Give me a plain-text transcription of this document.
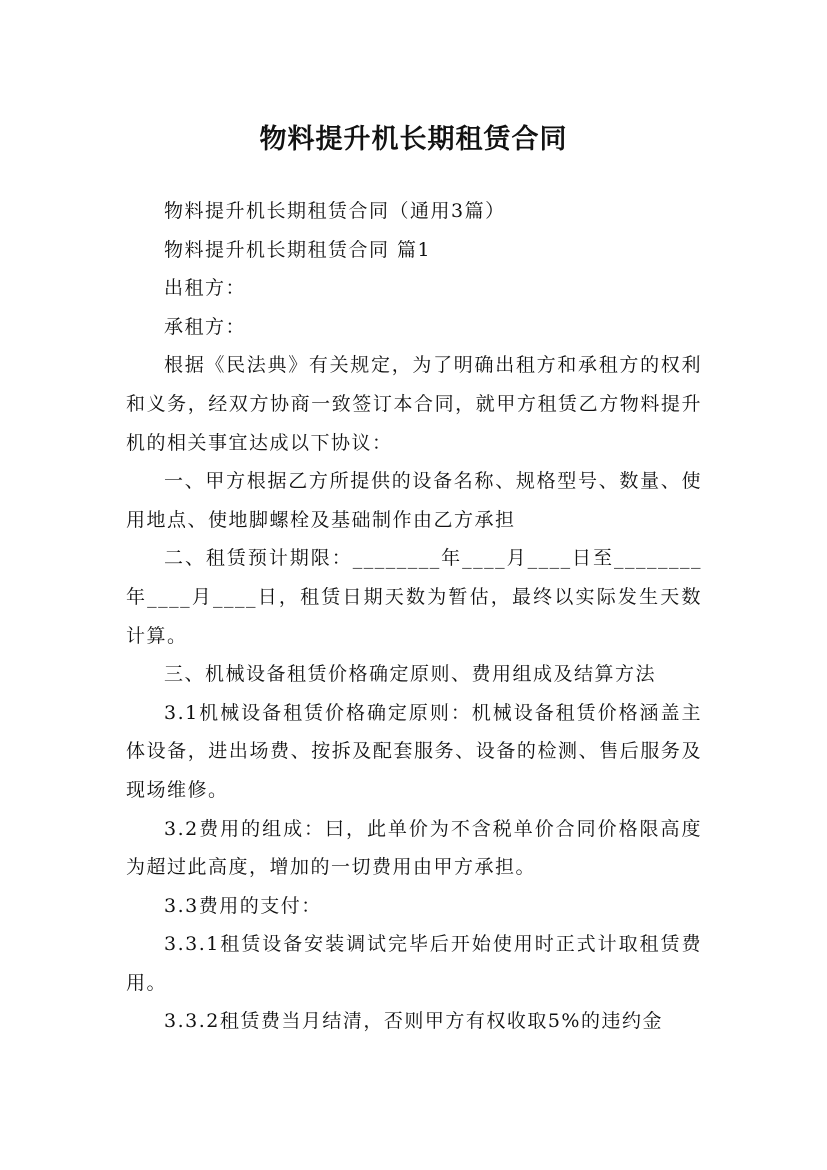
物料提升机长期租赁合同

物料提升机长期租赁合同（通用3篇）

物料提升机长期租赁合同 篇1

出租方：

承租方：

根据《民法典》有关规定，为了明确出租方和承租方的权利和义务，经双方协商一致签订本合同，就甲方租赁乙方物料提升机的相关事宜达成以下协议：

一、甲方根据乙方所提供的设备名称、规格型号、数量、使用地点、使地脚螺栓及基础制作由乙方承担

二、租赁预计期限：________年____月____日至________年____月____日，租赁日期天数为暂估，最终以实际发生天数计算。

三、机械设备租赁价格确定原则、费用组成及结算方法

3.1机械设备租赁价格确定原则：机械设备租赁价格涵盖主体设备，进出场费、按拆及配套服务、设备的检测、售后服务及现场维修。

3.2费用的组成：曰，此单价为不含税单价合同价格限高度为超过此高度，增加的一切费用由甲方承担。

3.3费用的支付：

3.3.1租赁设备安装调试完毕后开始使用时正式计取租赁费用。

3.3.2租赁费当月结清，否则甲方有权收取5%的违约金
